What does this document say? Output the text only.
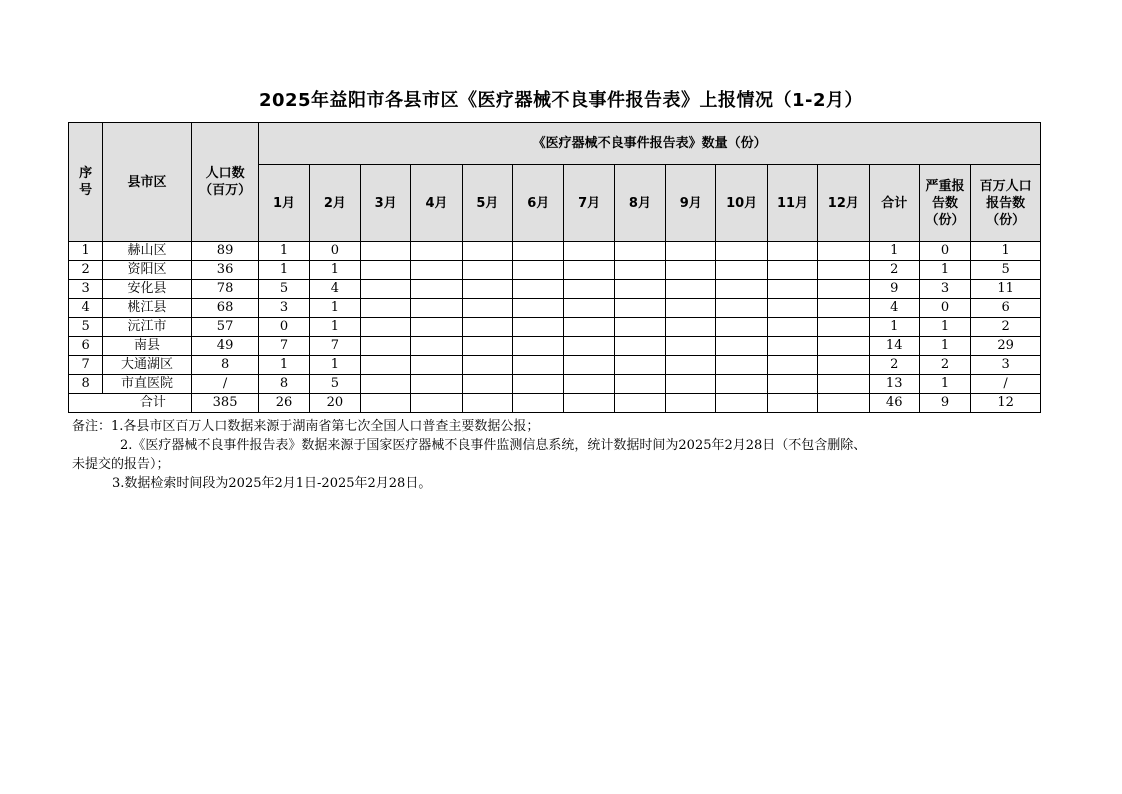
2025年益阳市各县市区《医疗器械不良事件报告表》上报情况（1-2月）
序号	县市区	人口数（百万）	《医疗器械不良事件报告表》数量（份）														
			1月	2月	3月	4月	5月	6月	7月	8月	9月	10月	11月	12月	合计	严重报告数（份）	百万人口报告数（份）
1	赫山区	89	1	0											1	0	1
2	资阳区	36	1	1											2	1	5
3	安化县	78	5	4											9	3	11
4	桃江县	68	3	1											4	0	6
5	沅江市	57	0	1											1	1	2
6	南县	49	7	7											14	1	29
7	大通湖区	8	1	1											2	2	3
8	市直医院	/	8	5											13	1	/
合计		385	26	20											46	9	12
备注：1.各县市区百万人口数据来源于湖南省第七次全国人口普查主要数据公报；
2.《医疗器械不良事件报告表》数据来源于国家医疗器械不良事件监测信息系统，统计数据时间为2025年2月28日（不包含删除、
未提交的报告）；
3.数据检索时间段为2025年2月1日-2025年2月28日。
